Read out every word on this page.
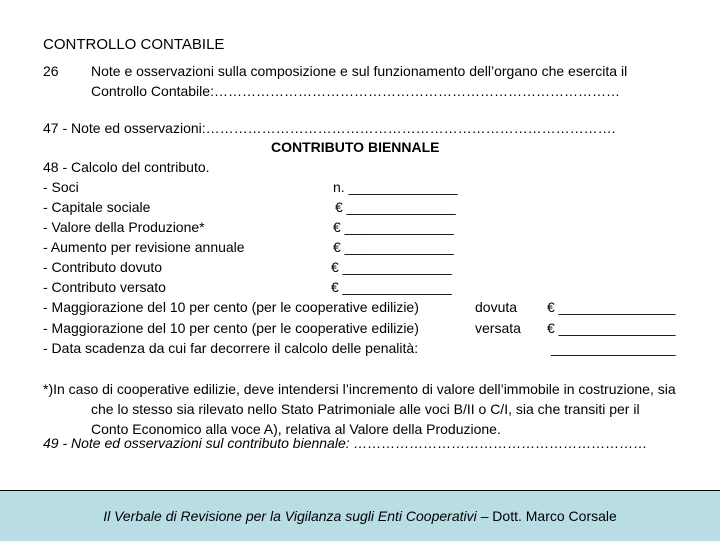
CONTROLLO CONTABILE
26 Note e osservazioni sulla composizione e sul funzionamento dell’organo che esercita il
Controllo Contabile:……………………………………………………………………………
47 - Note ed osservazioni:…………………………………………………………………………….
CONTRIBUTO BIENNALE
48 - Calcolo del contributo.
- Soci	n. ______________
- Capitale sociale	€ ______________
- Valore della Produzione*	€ ______________
- Aumento per revisione annuale	€ ______________
- Contributo dovuto	€ ______________
- Contributo versato	€ ______________
- Maggiorazione del 10 per cento (per le cooperative edilizie)	dovuta € _______________
- Maggiorazione del 10 per cento (per le cooperative edilizie)	versata € _______________
- Data scadenza da cui far decorrere il calcolo delle penalità:	________________
*)In caso di cooperative edilizie, deve intendersi l’incremento di valore dell’immobile in costruzione, sia
che lo stesso sia rilevato nello Stato Patrimoniale alle voci B/II o C/I, sia che transiti per il
Conto Economico alla voce A), relativa al Valore della Produzione.
49 - Note ed osservazioni sul contributo biennale: ………………………………………………………
Il Verbale di Revisione per la Vigilanza sugli Enti Cooperativi – Dott. Marco Corsale
